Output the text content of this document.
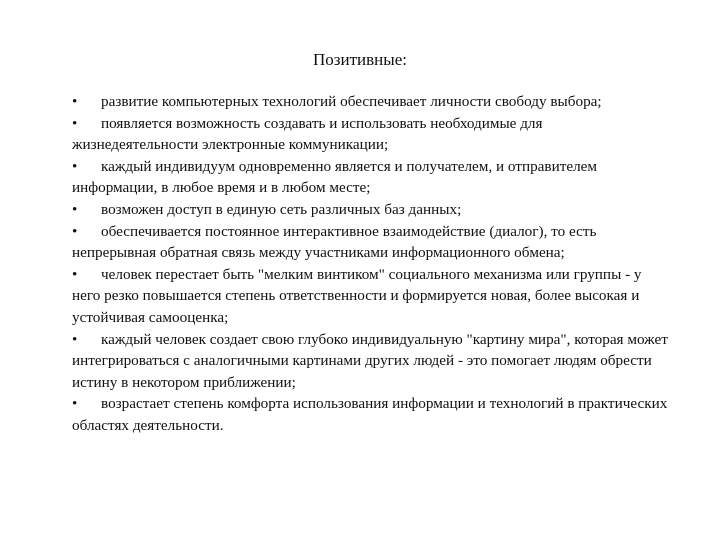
Позитивные:

• развитие компьютерных технологий обеспечивает личности свободу выбора;

• появляется возможность создавать и использовать необходимые для жизнедеятельности электронные коммуникации;

• каждый индивидуум одновременно является и получателем, и отправителем информации, в любое время и в любом месте;

• возможен доступ в единую сеть различных баз данных;

• обеспечивается постоянное интерактивное взаимодействие (диалог), то есть непрерывная обратная связь между участниками информационного обмена;

• человек перестает быть "мелким винтиком" социального механизма или группы - у него резко повышается степень ответственности и формируется новая, более высокая и устойчивая самооценка;

• каждый человек создает свою глубоко индивидуальную "картину мира", которая может интегрироваться с аналогичными картинами других людей - это помогает людям обрести истину в некотором приближении;

• возрастает степень комфорта использования информации и технологий в практических областях деятельности.
